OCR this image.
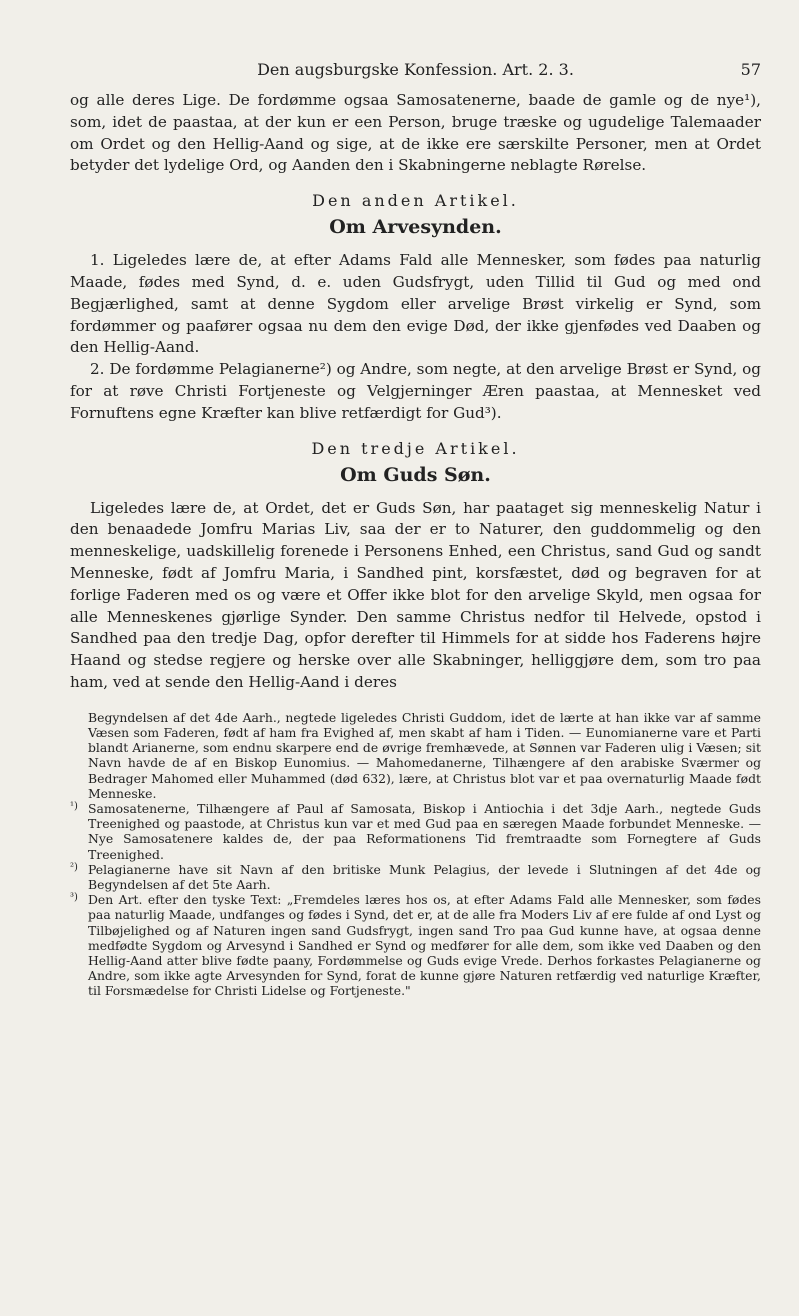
Den augsburgske Konfession. Art. 2. 3.	57

og alle deres Lige. De fordømme ogsaa Samosatenerne, baade de gamle og de nye¹), som, idet de paastaa, at der kun er een Person, bruge træske og ugudelige Talemaader om Ordet og den Hellig-Aand og sige, at de ikke ere særskilte Personer, men at Ordet betyder det lydelige Ord, og Aanden den i Skabningerne neblagte Rørelse.

Den anden Artikel.
Om Arvesynden.

1. Ligeledes lære de, at efter Adams Fald alle Mennesker, som fødes paa naturlig Maade, fødes med Synd, d. e. uden Gudsfrygt, uden Tillid til Gud og med ond Begjærlighed, samt at denne Sygdom eller arvelige Brøst virkelig er Synd, som fordømmer og paafører ogsaa nu dem den evige Død, der ikke gjenfødes ved Daaben og den Hellig-Aand.

2. De fordømme Pelagianerne²) og Andre, som negte, at den arvelige Brøst er Synd, og for at røve Christi Fortjeneste og Velgjerninger Æren paastaa, at Mennesket ved Fornuftens egne Kræfter kan blive retfærdigt for Gud³).

Den tredje Artikel.
Om Guds Søn.

Ligeledes lære de, at Ordet, det er Guds Søn, har paataget sig menneskelig Natur i den benaadede Jomfru Marias Liv, saa der er to Naturer, den guddommelig og den menneskelige, uadskillelig forenede i Personens Enhed, een Christus, sand Gud og sandt Menneske, født af Jomfru Maria, i Sandhed pint, korsfæstet, død og begraven for at forlige Faderen med os og være et Offer ikke blot for den arvelige Skyld, men ogsaa for alle Menneskenes gjørlige Synder. Den samme Christus nedfor til Helvede, opstod i Sandhed paa den tredje Dag, opfor derefter til Himmels for at sidde hos Faderens højre Haand og stedse regjere og herske over alle Skabninger, helliggjøre dem, som tro paa ham, ved at sende den Hellig-Aand i deres

Begyndelsen af det 4de Aarh., negtede ligeledes Christi Guddom, idet de lærte at han ikke var af samme Væsen som Faderen, født af ham fra Evighed af, men skabt af ham i Tiden. — Eunomianerne vare et Parti blandt Arianerne, som endnu skarpere end de øvrige fremhævede, at Sønnen var Faderen ulig i Væsen; sit Navn havde de af en Biskop Eunomius. — Mahomedanerne, Tilhængere af den arabiske Sværmer og Bedrager Mahomed eller Muhammed (død 632), lære, at Christus blot var et paa overnaturlig Maade født Menneske.

¹) Samosatenerne, Tilhængere af Paul af Samosata, Biskop i Antiochia i det 3dje Aarh., negtede Guds Treenighed og paastode, at Christus kun var et med Gud paa en særegen Maade forbundet Menneske. — Nye Samosatenere kaldes de, der paa Reformationens Tid fremtraadte som Fornegtere af Guds Treenighed.

²) Pelagianerne have sit Navn af den britiske Munk Pelagius, der levede i Slutningen af det 4de og Begyndelsen af det 5te Aarh.

³) Den Art. efter den tyske Text: „Fremdeles læres hos os, at efter Adams Fald alle Mennesker, som fødes paa naturlig Maade, undfanges og fødes i Synd, det er, at de alle fra Moders Liv af ere fulde af ond Lyst og Tilbøjelighed og af Naturen ingen sand Gudsfrygt, ingen sand Tro paa Gud kunne have, at ogsaa denne medfødte Sygdom og Arvesynd i Sandhed er Synd og medfører for alle dem, som ikke ved Daaben og den Hellig-Aand atter blive fødte paany, Fordømmelse og Guds evige Vrede. Derhos forkastes Pelagianerne og Andre, som ikke agte Arvesynden for Synd, forat de kunne gjøre Naturen retfærdig ved naturlige Kræfter, til Forsmædelse for Christi Lidelse og Fortjeneste."
